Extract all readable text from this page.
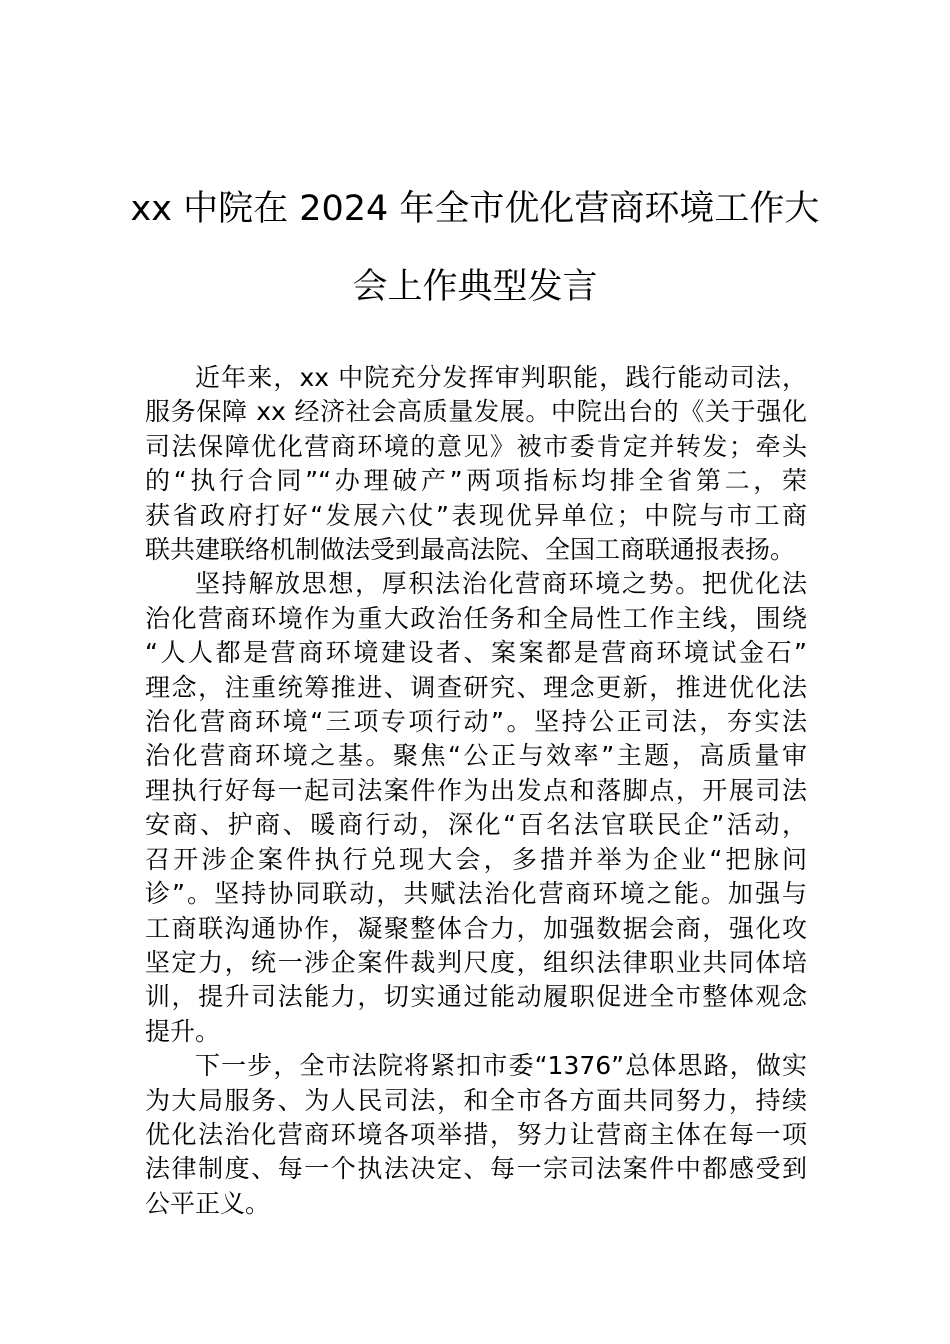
xx 中院在 2024 年全市优化营商环境工作大
会上作典型发言

近年来，xx 中院充分发挥审判职能，践行能动司法，
服务保障 xx 经济社会高质量发展。中院出台的《关于强化
司法保障优化营商环境的意见》被市委肯定并转发；牵头
的“执行合同”“办理破产”两项指标均排全省第二，荣
获省政府打好“发展六仗”表现优异单位；中院与市工商
联共建联络机制做法受到最高法院、全国工商联通报表扬。

坚持解放思想，厚积法治化营商环境之势。把优化法
治化营商环境作为重大政治任务和全局性工作主线，围绕
“人人都是营商环境建设者、案案都是营商环境试金石”
理念，注重统筹推进、调查研究、理念更新，推进优化法
治化营商环境“三项专项行动”。坚持公正司法，夯实法
治化营商环境之基。聚焦“公正与效率”主题，高质量审
理执行好每一起司法案件作为出发点和落脚点，开展司法
安商、护商、暖商行动，深化“百名法官联民企”活动，
召开涉企案件执行兑现大会，多措并举为企业“把脉问
诊”。坚持协同联动，共赋法治化营商环境之能。加强与
工商联沟通协作，凝聚整体合力，加强数据会商，强化攻
坚定力，统一涉企案件裁判尺度，组织法律职业共同体培
训，提升司法能力，切实通过能动履职促进全市整体观念
提升。

下一步，全市法院将紧扣市委“1376”总体思路，做实
为大局服务、为人民司法，和全市各方面共同努力，持续
优化法治化营商环境各项举措，努力让营商主体在每一项
法律制度、每一个执法决定、每一宗司法案件中都感受到
公平正义。
